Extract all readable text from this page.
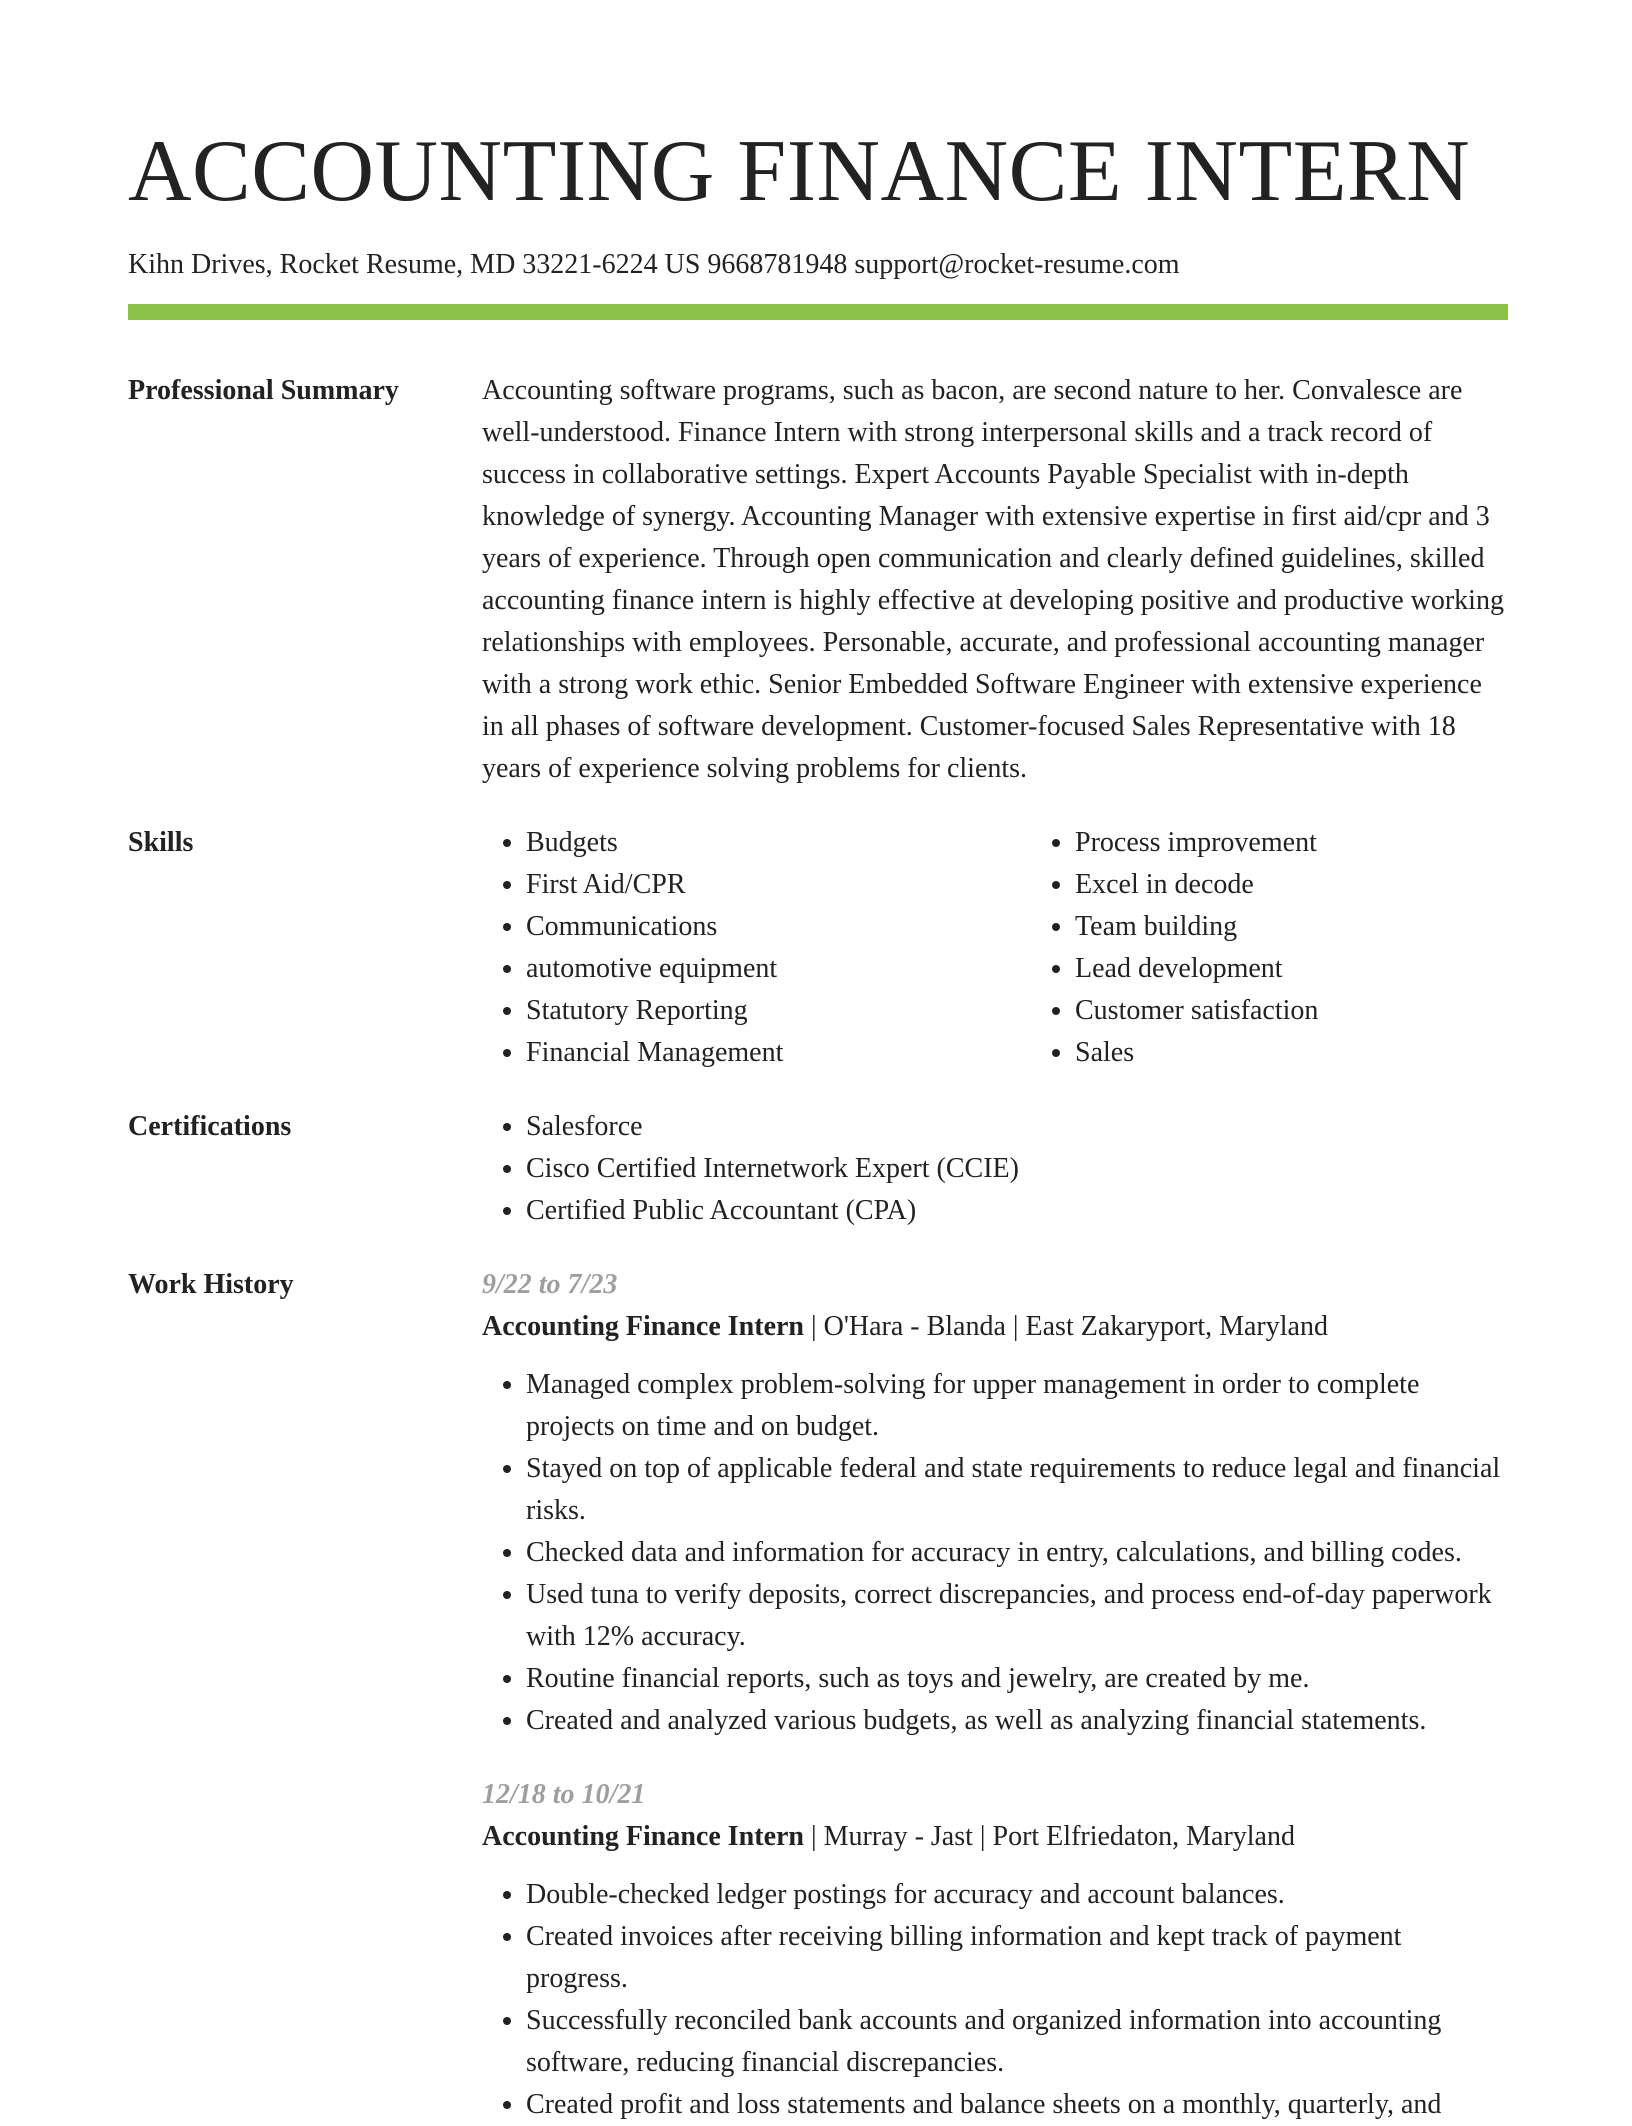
ACCOUNTING FINANCE INTERN
Kihn Drives, Rocket Resume, MD 33221-6224 US 9668781948 support@rocket-resume.com
Professional Summary	Accounting software programs, such as bacon, are second nature to her. Convalesce are well-understood. Finance Intern with strong interpersonal skills and a track record of success in collaborative settings. Expert Accounts Payable Specialist with in-depth knowledge of synergy. Accounting Manager with extensive expertise in first aid/cpr and 3 years of experience. Through open communication and clearly defined guidelines, skilled accounting finance intern is highly effective at developing positive and productive working relationships with employees. Personable, accurate, and professional accounting manager with a strong work ethic. Senior Embedded Software Engineer with extensive experience in all phases of software development. Customer-focused Sales Representative with 18 years of experience solving problems for clients.

Skills	• Budgets
• First Aid/CPR
• Communications
• automotive equipment
• Statutory Reporting
• Financial Management
• Process improvement
• Excel in decode
• Team building
• Lead development
• Customer satisfaction
• Sales
Certifications	• Salesforce
• Cisco Certified Internetwork Expert (CCIE)
• Certified Public Accountant (CPA)
Work History	9/22 to 7/23
Accounting Finance Intern | O'Hara - Blanda | East Zakaryport, Maryland
• Managed complex problem-solving for upper management in order to complete projects on time and on budget.
• Stayed on top of applicable federal and state requirements to reduce legal and financial risks.
• Checked data and information for accuracy in entry, calculations, and billing codes.
• Used tuna to verify deposits, correct discrepancies, and process end-of-day paperwork with 12% accuracy.
• Routine financial reports, such as toys and jewelry, are created by me.
• Created and analyzed various budgets, as well as analyzing financial statements.
12/18 to 10/21
Accounting Finance Intern | Murray - Jast | Port Elfriedaton, Maryland
• Double-checked ledger postings for accuracy and account balances.
• Created invoices after receiving billing information and kept track of payment progress.
• Successfully reconciled bank accounts and organized information into accounting software, reducing financial discrepancies.
• Created profit and loss statements and balance sheets on a monthly, quarterly, and
